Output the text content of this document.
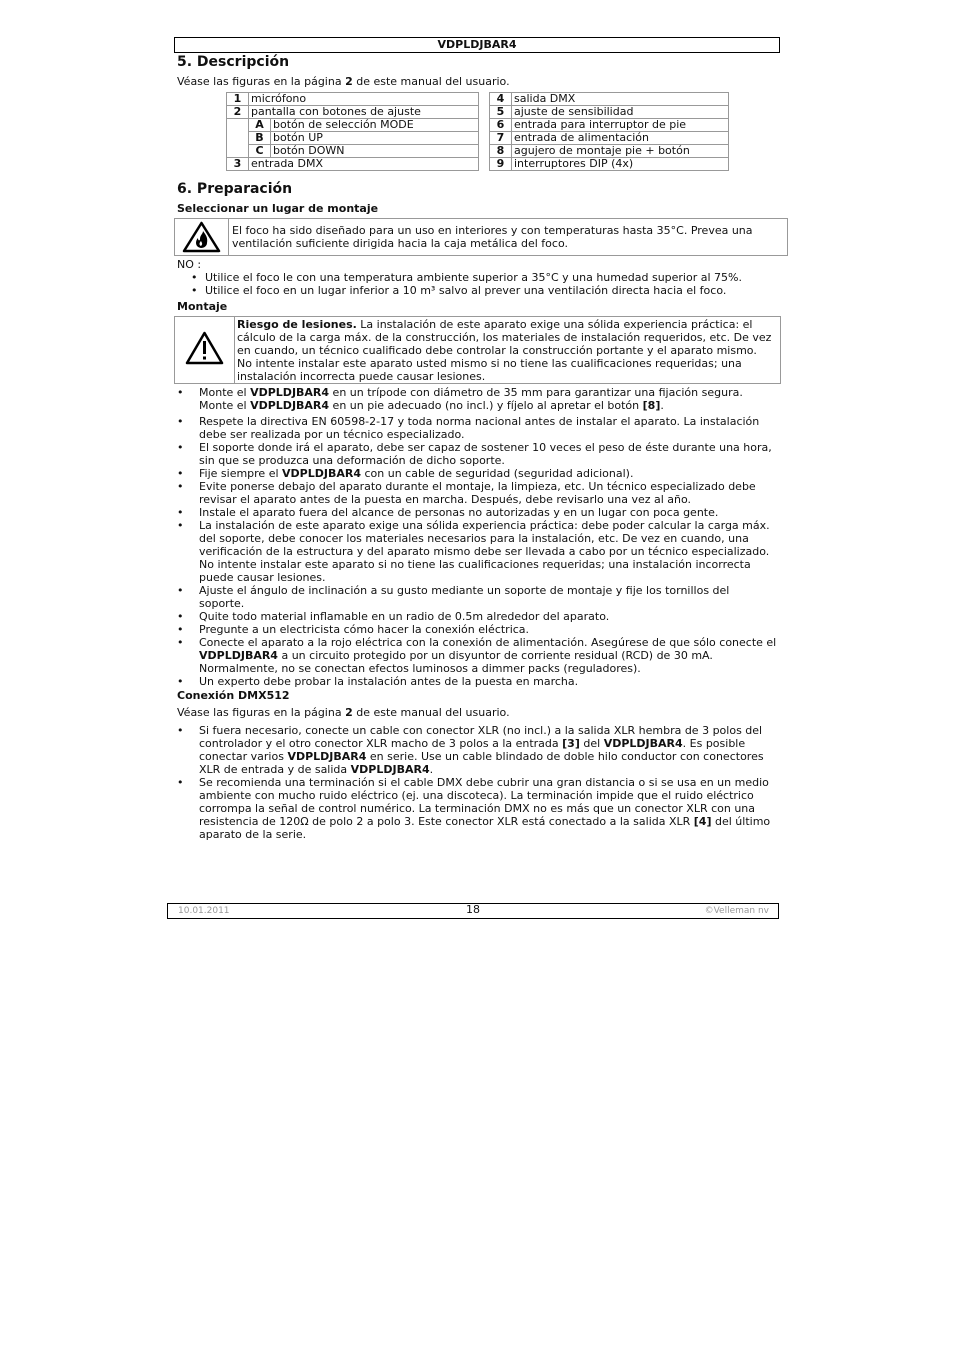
VDPLDJBAR4
5. Descripción
Véase las figuras en la página 2 de este manual del usuario.
1	micrófono	
2	pantalla con botones de ajuste	
	A	botón de selección MODE
	B	botón UP
	C	botón DOWN
3	entrada DMX	
4	salida DMX
5	ajuste de sensibilidad
6	entrada para interruptor de pie
7	entrada de alimentación
8	agujero de montaje pie + botón
9	interruptores DIP (4x)
6. Preparación
Seleccionar un lugar de montaje
El foco ha sido diseñado para un uso en interiores y con temperaturas hasta 35°C. Prevea una ventilación suficiente dirigida hacia la caja metálica del foco.
NO :
• Utilice el foco le con una temperatura ambiente superior a 35°C y una humedad superior al 75%.
• Utilice el foco en un lugar inferior a 10 m³ salvo al prever una ventilación directa hacia el foco.
Montaje
Riesgo de lesiones. La instalación de este aparato exige una sólida experiencia práctica: el cálculo de la carga máx. de la construcción, los materiales de instalación requeridos, etc. De vez en cuando, un técnico cualificado debe controlar la construcción portante y el aparato mismo. No intente instalar este aparato usted mismo si no tiene las cualificaciones requeridas; una instalación incorrecta puede causar lesiones.
• Monte el VDPLDJBAR4 en un trípode con diámetro de 35 mm para garantizar una fijación segura. Monte el VDPLDJBAR4 en un pie adecuado (no incl.) y fíjelo al apretar el botón [8].
• Respete la directiva EN 60598-2-17 y toda norma nacional antes de instalar el aparato. La instalación debe ser realizada por un técnico especializado.
• El soporte donde irá el aparato, debe ser capaz de sostener 10 veces el peso de éste durante una hora, sin que se produzca una deformación de dicho soporte.
• Fije siempre el VDPLDJBAR4 con un cable de seguridad (seguridad adicional).
• Evite ponerse debajo del aparato durante el montaje, la limpieza, etc. Un técnico especializado debe revisar el aparato antes de la puesta en marcha. Después, debe revisarlo una vez al año.
• Instale el aparato fuera del alcance de personas no autorizadas y en un lugar con poca gente.
• La instalación de este aparato exige una sólida experiencia práctica: debe poder calcular la carga máx. del soporte, debe conocer los materiales necesarios para la instalación, etc. De vez en cuando, una verificación de la estructura y del aparato mismo debe ser llevada a cabo por un técnico especializado. No intente instalar este aparato si no tiene las cualificaciones requeridas; una instalación incorrecta puede causar lesiones.
• Ajuste el ángulo de inclinación a su gusto mediante un soporte de montaje y fije los tornillos del soporte.
• Quite todo material inflamable en un radio de 0.5m alrededor del aparato.
• Pregunte a un electricista cómo hacer la conexión eléctrica.
• Conecte el aparato a la rojo eléctrica con la conexión de alimentación. Asegúrese de que sólo conecte el VDPLDJBAR4 a un circuito protegido por un disyuntor de corriente residual (RCD) de 30 mA. Normalmente, no se conectan efectos luminosos a dimmer packs (reguladores).
• Un experto debe probar la instalación antes de la puesta en marcha.
Conexión DMX512
Véase las figuras en la página 2 de este manual del usuario.
• Si fuera necesario, conecte un cable con conector XLR (no incl.) a la salida XLR hembra de 3 polos del controlador y el otro conector XLR macho de 3 polos a la entrada [3] del VDPLDJBAR4. Es posible conectar varios VDPLDJBAR4 en serie. Use un cable blindado de doble hilo conductor con conectores XLR de entrada y de salida VDPLDJBAR4.
• Se recomienda una terminación si el cable DMX debe cubrir una gran distancia o si se usa en un medio ambiente con mucho ruido eléctrico (ej. una discoteca). La terminación impide que el ruido eléctrico corrompa la señal de control numérico. La terminación DMX no es más que un conector XLR con una resistencia de 120Ω de polo 2 a polo 3. Este conector XLR está conectado a la salida XLR [4] del último aparato de la serie.
10.01.2011	18	©Velleman nv
